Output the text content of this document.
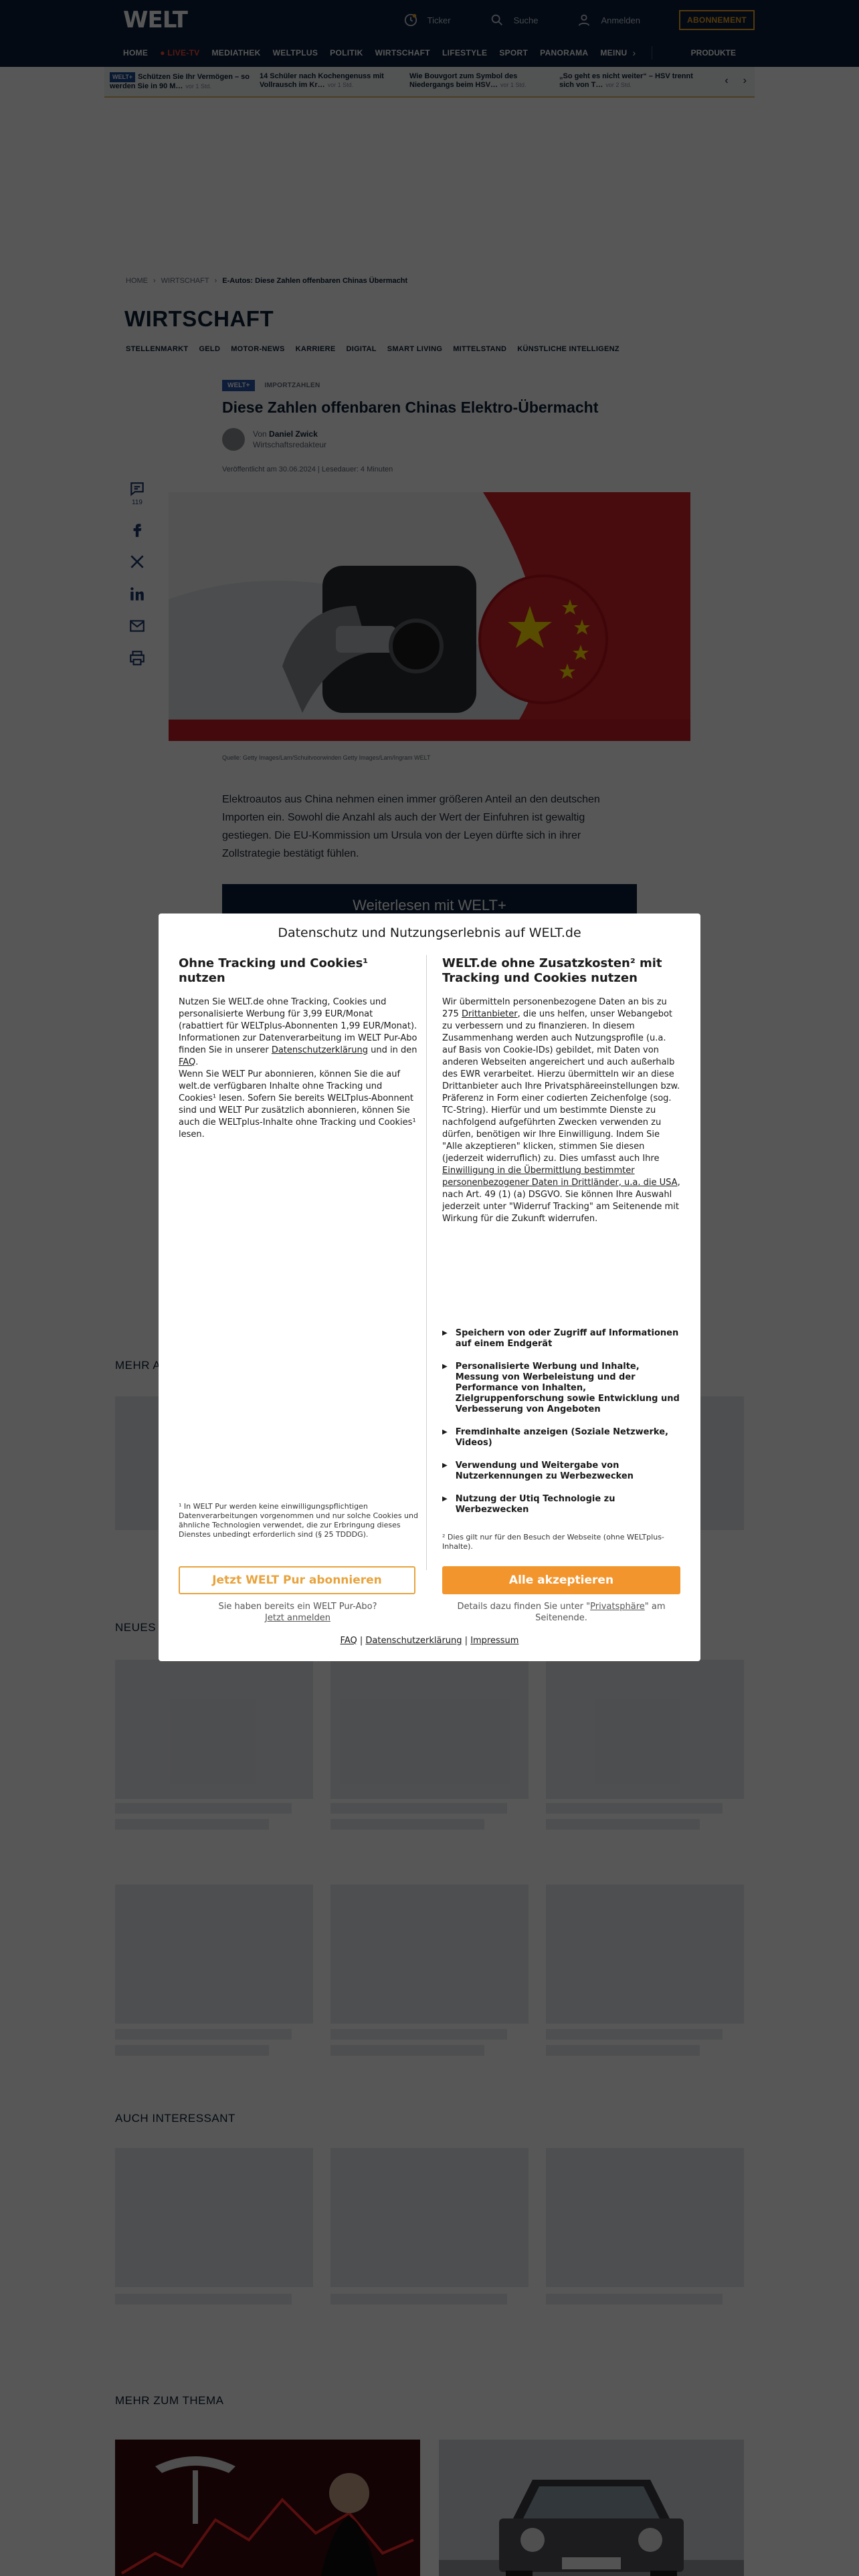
Datenschutz und Nutzungserlebnis auf WELT.de
Ohne Tracking und Cookies¹ nutzen

Nutzen Sie WELT.de ohne Tracking, Cookies und personalisierte Werbung für 3,99 EUR/Monat (rabattiert für WELTplus-Abonnenten 1,99 EUR/Monat). Informationen zur Datenverarbeitung im WELT Pur-Abo finden Sie in unserer Datenschutzerklärung und in den FAQ.

Wenn Sie WELT Pur abonnieren, können Sie die auf welt.de verfügbaren Inhalte ohne Tracking und Cookies¹ lesen. Sofern Sie bereits WELTplus-Abonnent sind und WELT Pur zusätzlich abonnieren, können Sie auch die WELTplus-Inhalte ohne Tracking und Cookies¹ lesen.

WELT.de ohne Zusatzkosten² mit Tracking und Cookies nutzen

Wir übermitteln personenbezogene Daten an bis zu 275 Drittanbieter, die uns helfen, unser Webangebot zu verbessern und zu finanzieren. In diesem Zusammenhang werden auch Nutzungsprofile (u.a. auf Basis von Cookie-IDs) gebildet, mit Daten von anderen Webseiten angereichert und auch außerhalb des EWR verarbeitet. Hierzu übermitteln wir an diese Drittanbieter auch Ihre Privatsphäreeinstellungen bzw. Präferenz in Form einer codierten Zeichenfolge (sog. TC-String). Hierfür und um bestimmte Dienste zu nachfolgend aufgeführten Zwecken verwenden zu dürfen, benötigen wir Ihre Einwilligung. Indem Sie "Alle akzeptieren" klicken, stimmen Sie diesen (jederzeit widerruflich) zu. Dies umfasst auch Ihre Einwilligung in die Übermittlung bestimmter personenbezogener Daten in Drittländer, u.a. die USA, nach Art. 49 (1) (a) DSGVO. Sie können Ihre Auswahl jederzeit unter "Widerruf Tracking" am Seitenende mit Wirkung für die Zukunft widerrufen.

▶ Speichern von oder Zugriff auf Informationen auf einem Endgerät
▶ Personalisierte Werbung und Inhalte, Messung von Werbeleistung und der Performance von Inhalten, Zielgruppenforschung sowie Entwicklung und Verbesserung von Angeboten
▶ Fremdinhalte anzeigen (Soziale Netzwerke, Videos)
▶ Verwendung und Weitergabe von Nutzerkennungen zu Werbezwecken
▶ Nutzung der Utiq Technologie zu Werbezwecken
¹ In WELT Pur werden keine einwilligungspflichtigen Datenverarbeitungen vorgenommen und nur solche Cookies und ähnliche Technologien verwendet, die zur Erbringung dieses Dienstes unbedingt erforderlich sind (§ 25 TDDDG).	² Dies gilt nur für den Besuch der Webseite (ohne WELTplus-Inhalte).
Jetzt WELT Pur abonnieren	Alle akzeptieren
Sie haben bereits ein WELT Pur-Abo?
Jetzt anmelden
Details dazu finden Sie unter "Privatsphäre" am Seitenende.
FAQ | Datenschutzerklärung | Impressum
